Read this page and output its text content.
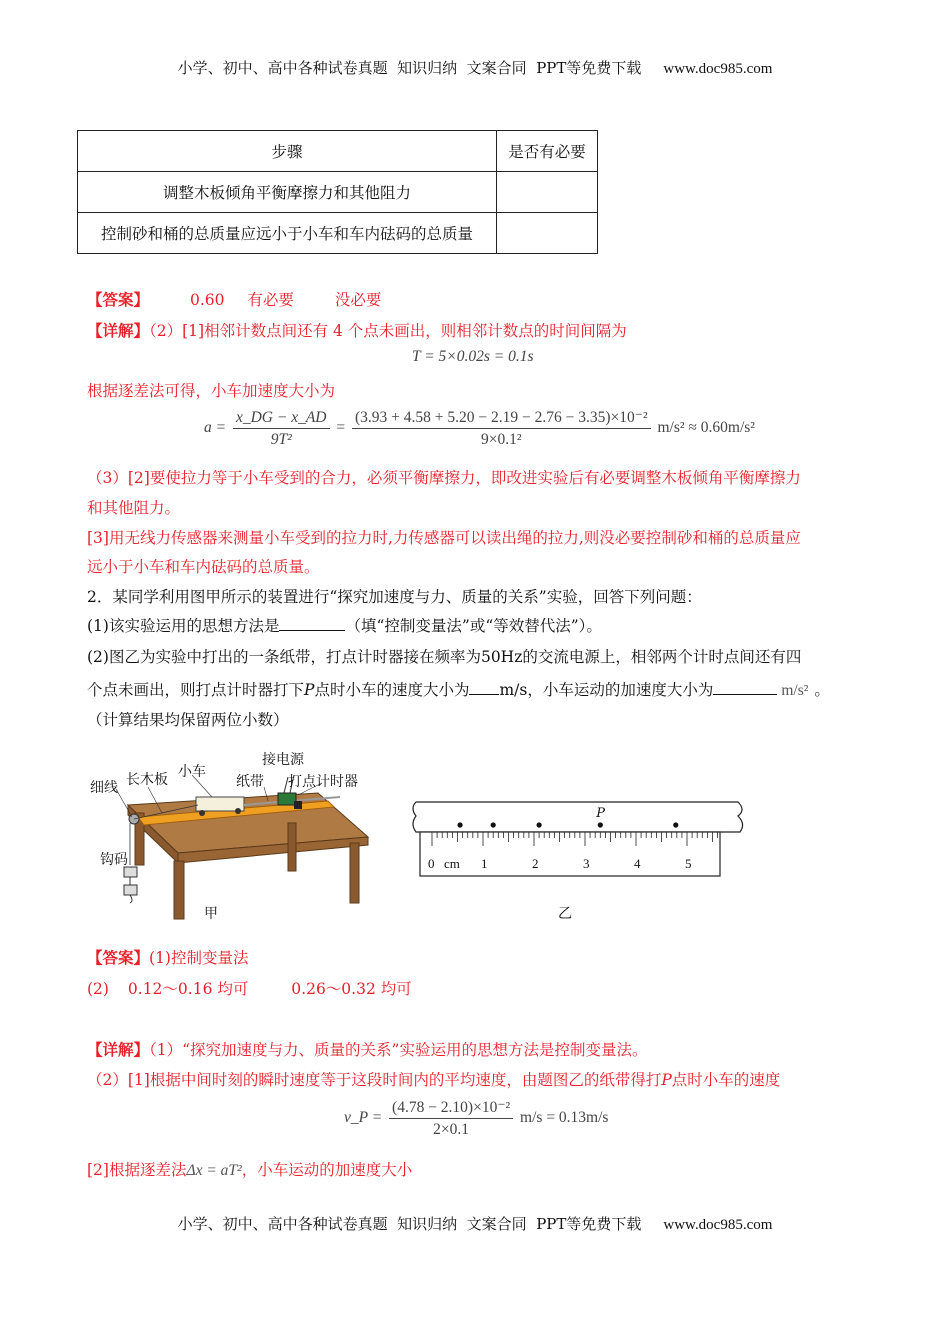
小学、初中、高中各种试卷真题  知识归纳  文案合同  PPT等免费下载 www.doc985.com
步骤	是否有必要
调整木板倾角平衡摩擦力和其他阻力	
控制砂和桶的总质量应远小于小车和车内砝码的总质量	
【答案】	0.60 有必要	没必要
【详解】（2）[1]相邻计数点间还有 4 个点未画出，则相邻计数点的时间间隔为
T = 5×0.02s = 0.1s
根据逐差法可得，小车加速度大小为
$a = \frac{x\_DG - x\_AD}{\text{9T²}} = \frac{\text{(3.93 + 4.58 + 5.20 − 2.19 − 2.76 − 3.35)×10⁻²}}{\text{9×0.1²}} m/s^2 \approx 0.60m/s^2$
（3）[2]要使拉力等于小车受到的合力，必须平衡摩擦力，即改进实验后有必要调整木板倾角平衡摩擦力
和其他阻力。
[3]用无线力传感器来测量小车受到的拉力时,力传感器可以读出绳的拉力,则没必要控制砂和桶的总质量应
远小于小车和车内砝码的总质量。
2．某同学利用图甲所示的装置进行“探究加速度与力、质量的关系”实验，回答下列问题：
(1)该实验运用的思想方法是	（填“控制变量法”或“等效替代法”）。
(2)图乙为实验中打出的一条纸带，打点计时器接在频率为50Hz的交流电源上，相邻两个计时点间还有四
个点未画出，则打点计时器打下P点时小车的速度大小为 m/s，小车运动的加速度大小为	m/s² 。
（计算结果均保留两位小数）
细线 长木板 小车
接电源
纸带 打点计时器
钩码
甲
P
cm
0	1	2	3	4	5
乙
【答案】(1)控制变量法
(2) 0.12～0.16 均可	0.26～0.32 均可
【详解】（1）“探究加速度与力、质量的关系”实验运用的思想方法是控制变量法。
（2）[1]根据中间时刻的瞬时速度等于这段时间内的平均速度，由题图乙的纸带得打P点时小车的速度
v_P = $\frac{\text{(4.78 − 2.10)×10⁻²}}{2\times 0.1} m/s = 0.13m/s$
[2]根据逐差法Δx = aT²，小车运动的加速度大小
小学、初中、高中各种试卷真题  知识归纳  文案合同  PPT等免费下载 www.doc985.com
